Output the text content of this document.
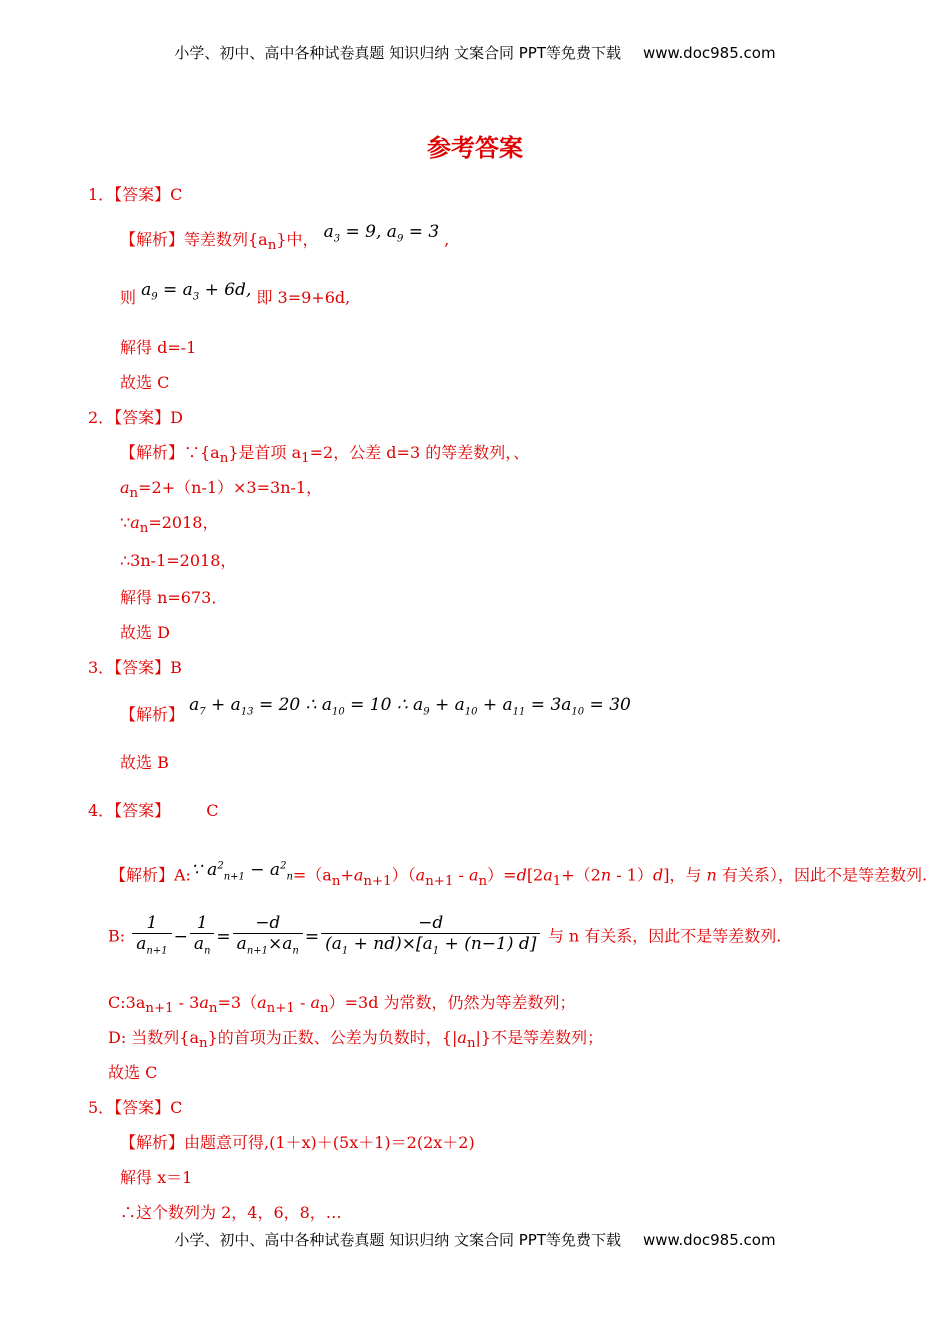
小学、初中、高中各种试卷真题 知识归纳 文案合同 PPT等免费下载 www.doc985.com
参考答案
1．【答案】C
【解析】等差数列$\{a_n\}$中， $a_3 = 9$, $a_9 = 3$ ,
则 $a_9 = a_3 + 6d$, 即 3=9+6d,
解得 d=-1
故选 C
2．【答案】D
【解析】$\because\{a_n\}$是首项 $a_1=2$，公差 d=3 的等差数列，、
$a_n=2+(n-1)\times 3=3n-1$，
$\because a_n=2018$，
∴3n-1=2018，
解得 n=673．
故选 D
3．【答案】B
【解析】 $a_7 + a_{13} = 20$ ∴ $a_{10} = 10$ ∴ $a_9 + a_{10} + a_{11} = 3a_{10} = 30$
故选 B
4．【答案】 C
【解析】A:∵ $a^2_{n+1} - a^2_n=(a_n+a_{n+1})(a_{n+1} - a_n)=d[2a_1+(2n - 1)d]$，与 n 有关系），因此不是等差数列.
B: $\frac{1}{a_{n+1}} - \frac{1}{a_n} = \frac{-d}{a_{n+1}\times a_n} = \frac{-d}{(a_1 + nd)\times[a_1 + (n-1) d]}$ 与 n 有关系，因此不是等差数列.
$C:3a_{n+1} - 3a_n=3(a_{n+1} - a_n)=3d$ 为常数，仍然为等差数列；
D: 当数列$\{a_n\}$的首项为正数、公差为负数时，$\{|a_n|\}$不是等差数列；
故选 C
5．【答案】C
【解析】由题意可得,(1＋x)＋(5x＋1)＝2(2x＋2)
解得 x＝1
∴这个数列为 2，4，6，8，…
小学、初中、高中各种试卷真题 知识归纳 文案合同 PPT等免费下载 www.doc985.com
